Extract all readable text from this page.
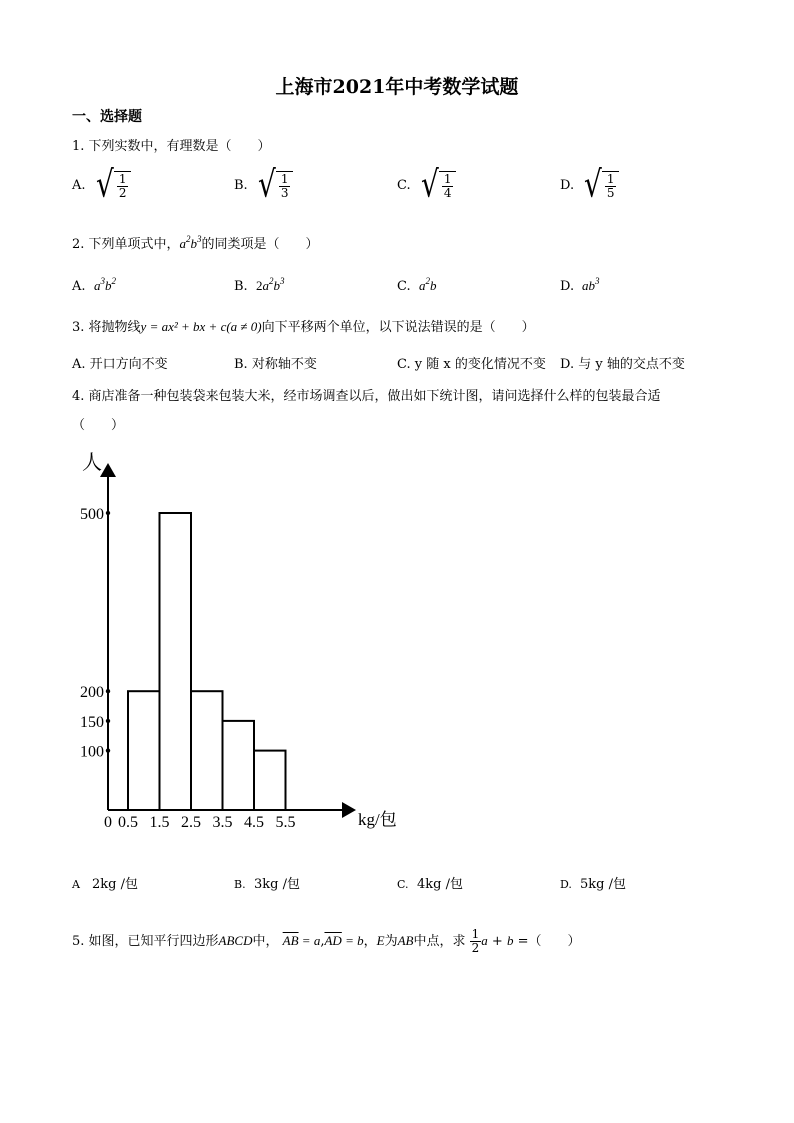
上海市2021年中考数学试题
一、选择题
1. 下列实数中，有理数是（　　）
A. √ $\frac{1}{2}$	B. √ $\frac{1}{3}$	C. √ $\frac{1}{4}$	D. √ $\frac{1}{5}$
2. 下列单项式中，$a^2b^3$的同类项是（　　）
A. $a^3b^2$	B. $2a^2b^3$	C. $a^2b$	D. $ab^3$
3. 将抛物线y = ax² + bx + c(a ≠ 0)向下平移两个单位，以下说法错误的是（　　）
A. 开口方向不变	B. 对称轴不变	C. y 随 x 的变化情况不变 D. 与 y 轴的交点不变
4. 商店准备一种包装袋来包装大米，经市场调查以后，做出如下统计图，请问选择什么样的包装最合适
（　　）
人
kg/包
100
150
200
500
0 0.5 1.5 2.5 3.5 4.5 5.5
A 2kg /包	B. 3kg /包	C. 4kg /包	D. 5kg /包
5. 如图，已知平行四边形ABCD中， $\overline{AB} = a,\overline{AD} = b$，E为AB中点，求 $\frac{1}{2}$ a + b =（　　）
